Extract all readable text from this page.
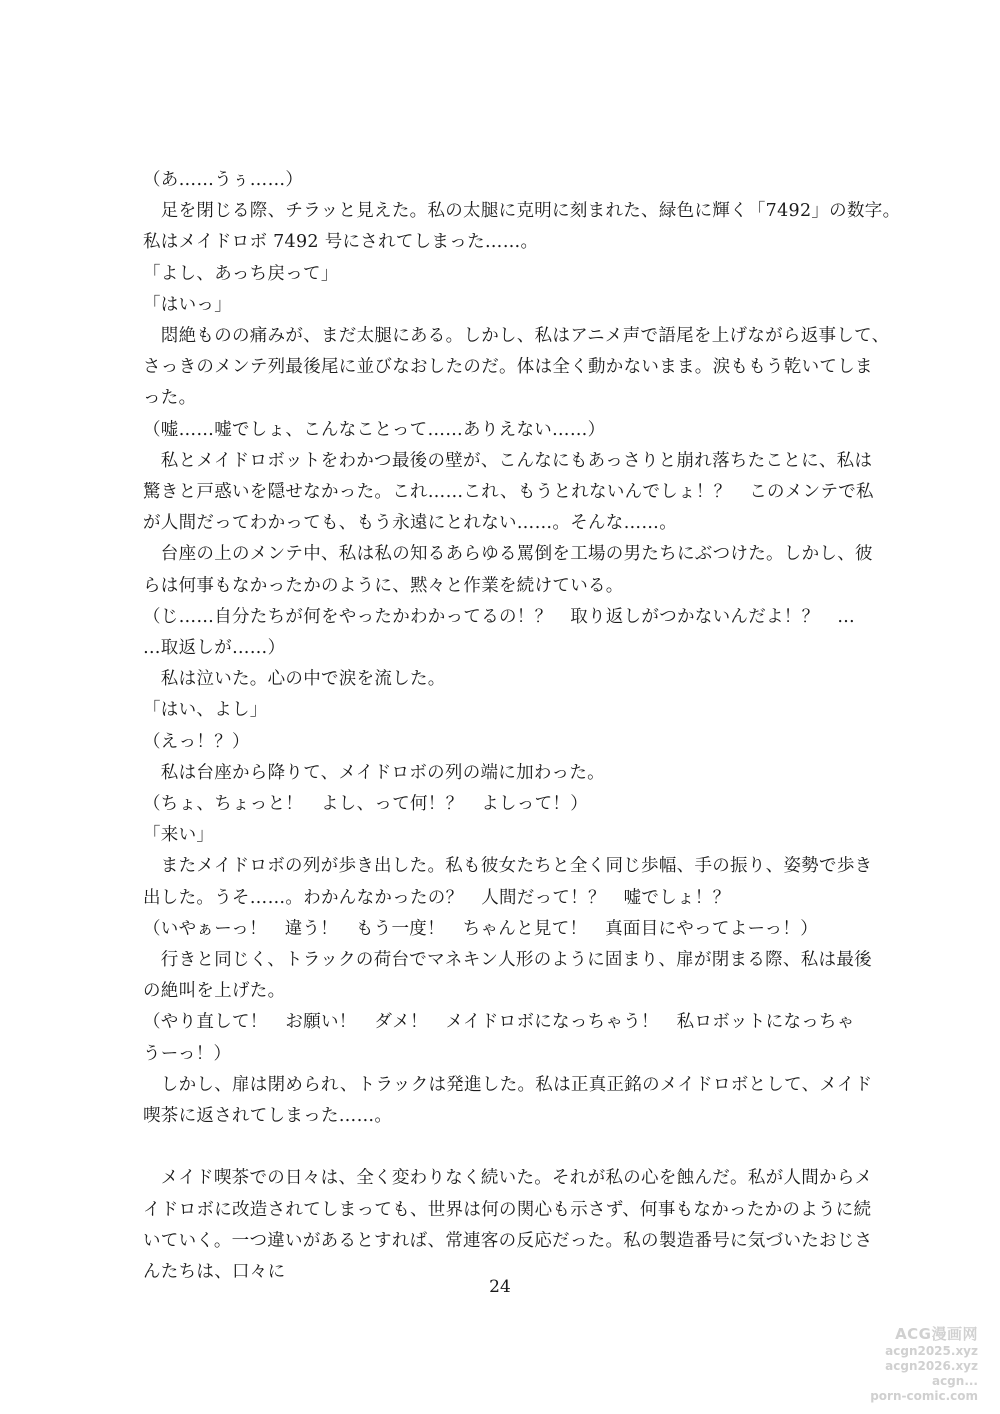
（あ……うぅ……）
　足を閉じる際、チラッと見えた。私の太腿に克明に刻まれた、緑色に輝く「7492」の数字。
私はメイドロボ 7492 号にされてしまった……。
「よし、あっち戻って」
「はいっ」
　悶絶ものの痛みが、まだ太腿にある。しかし、私はアニメ声で語尾を上げながら返事して、
さっきのメンテ列最後尾に並びなおしたのだ。体は全く動かないまま。涙ももう乾いてしま
った。
（嘘……嘘でしょ、こんなことって……ありえない……）
　私とメイドロボットをわかつ最後の壁が、こんなにもあっさりと崩れ落ちたことに、私は
驚きと戸惑いを隠せなかった。これ……これ、もうとれないんでしょ！？　このメンテで私
が人間だってわかっても、もう永遠にとれない……。そんな……。
　台座の上のメンテ中、私は私の知るあらゆる罵倒を工場の男たちにぶつけた。しかし、彼
らは何事もなかったかのように、黙々と作業を続けている。
（じ……自分たちが何をやったかわかってるの！？　取り返しがつかないんだよ！？　…
…取返しが……）
　私は泣いた。心の中で涙を流した。
「はい、よし」
（えっ！？）
　私は台座から降りて、メイドロボの列の端に加わった。
（ちょ、ちょっと！　よし、って何！？　よしって！）
「来い」
　またメイドロボの列が歩き出した。私も彼女たちと全く同じ歩幅、手の振り、姿勢で歩き
出した。うそ……。わかんなかったの？　人間だって！？　嘘でしょ！？
（いやぁーっ！　違う！　もう一度！　ちゃんと見て！　真面目にやってよーっ！）
　行きと同じく、トラックの荷台でマネキン人形のように固まり、扉が閉まる際、私は最後
の絶叫を上げた。
（やり直して！　お願い！　ダメ！　メイドロボになっちゃう！　私ロボットになっちゃ
うーっ！）
　しかし、扉は閉められ、トラックは発進した。私は正真正銘のメイドロボとして、メイド
喫茶に返されてしまった……。
　メイド喫茶での日々は、全く変わりなく続いた。それが私の心を蝕んだ。私が人間からメ
イドロボに改造されてしまっても、世界は何の関心も示さず、何事もなかったかのように続
いていく。一つ違いがあるとすれば、常連客の反応だった。私の製造番号に気づいたおじさ
んたちは、口々に
24
ACG漫画网
acgn2025.xyz
acgn2026.xyz
acgn...
porn-comic.com
